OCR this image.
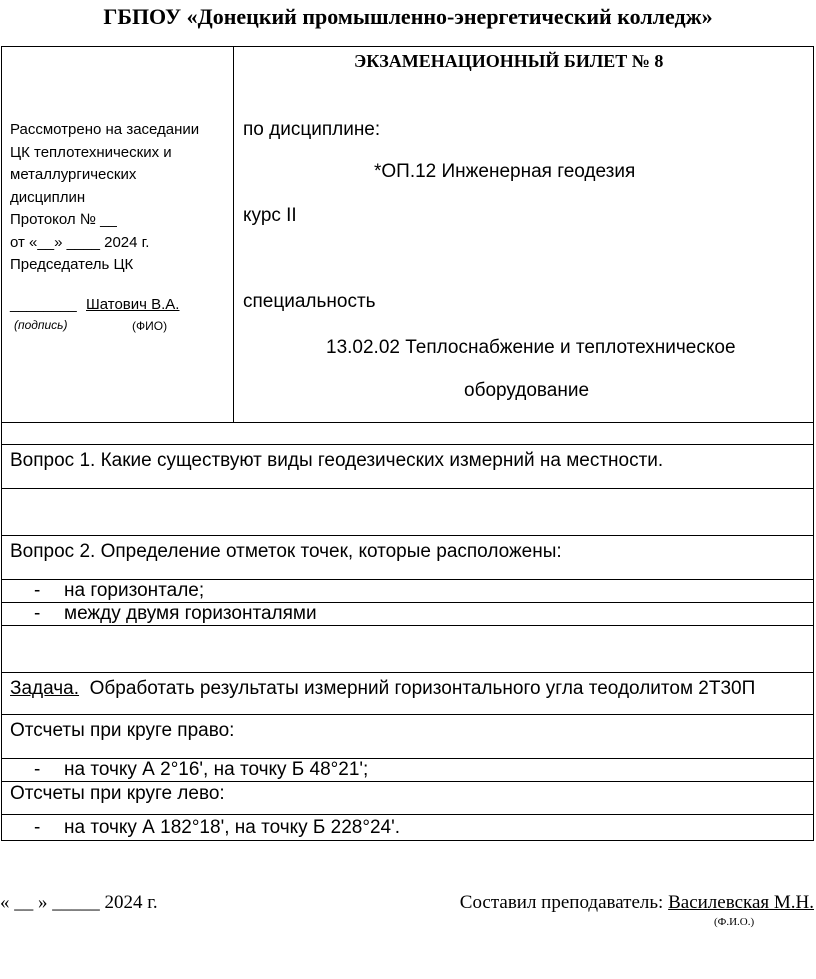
ГБПОУ «Донецкий промышленно-энергетический колледж»
Рассмотрено на заседании
ЦК теплотехнических и
металлургических
дисциплин
Протокол № __
от «__» ____ 2024 г.
Председатель ЦК
________ Шатович В.А.
(подпись)	(ФИО)

ЭКЗАМЕНАЦИОННЫЙ БИЛЕТ № 8
по дисциплине:
*ОП.12 Инженерная геодезия
курс II
специальность
13.02.02 Теплоснабжение и теплотехническое
оборудование

Вопрос 1. Какие существуют виды геодезических измерний на местности.

Вопрос 2. Определение отметок точек, которые расположены:
- на горизонтале;
- между двумя горизонталями

Задача.  Обработать результаты измерний горизонтального угла теодолитом 2Т30П
Отсчеты при круге право:
- на точку А 2°16', на точку Б 48°21';
Отсчеты при круге лево:
- на точку А 182°18', на точку Б 228°24'.
« __ » _____ 2024 г.	Составил преподаватель: Василевская М.Н.
(Ф.И.О.)
